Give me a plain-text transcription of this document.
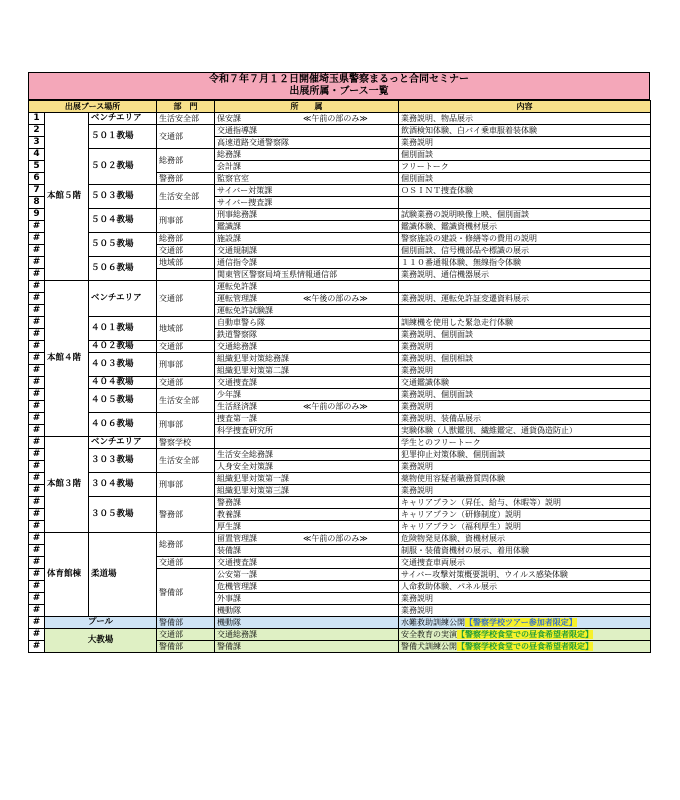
令和７年７月１２日開催埼玉県警察まるっと合同セミナー
出展所属・ブース一覧
出展ブース場所			部　門	所　　属	内容
1	本館５階	ベンチエリア	生活安全部	保安課 ≪午前の部のみ≫	業務説明、物品展示
2		５０１教場	交通部	交通指導課	飲酒検知体験、白バイ乗車服着装体験
3				高速道路交通警察隊	業務説明
4		５０２教場	総務部	総務課	個別面談
5				会計課	フリートーク
6			警務部	監察官室	個別面談
7		５０３教場	生活安全部	サイバー対策課	ＯＳＩＮＴ捜査体験
8				サイバー捜査課	
9		５０４教場	刑事部	刑事総務課	試験業務の説明映像上映、個別面談
#				鑑識課	鑑識体験、鑑識資機材展示
#		５０５教場	総務部	施設課	警察施設の建設・修繕等の費用の説明
#			交通部	交通規制課	個別面談、信号機部品や標識の展示
#		５０６教場	地域部	通信指令課	１１０番通報体験、無線指令体験
#				関東管区警察局埼玉県情報通信部	業務説明、通信機器展示
#	本館４階	ベンチエリア	交通部	運転免許課	
#				運転管理課 ≪午後の部のみ≫	業務説明、運転免許証変遷資料展示
#				運転免許試験課	
#		４０１教場	地域部	自動車警ら隊	訓練機を使用した緊急走行体験
#				鉄道警察隊	業務説明、個別面談
#		４０２教場	交通部	交通総務課	業務説明
#		４０３教場	刑事部	組織犯罪対策総務課	業務説明、個別相談
#				組織犯罪対策第二課	業務説明
#		４０４教場	交通部	交通捜査課	交通鑑識体験
#		４０５教場	生活安全部	少年課	業務説明、個別面談
#				生活経済課 ≪午前の部のみ≫	業務説明
#		４０６教場	刑事部	捜査第一課	業務説明、装備品展示
#				科学捜査研究所	実験体験（人獣鑑別、繊維鑑定、通貨偽造防止）
#	本館３階	ベンチエリア	警察学校		学生とのフリートーク
#		３０３教場	生活安全部	生活安全総務課	犯罪抑止対策体験、個別面談
#				人身安全対策課	業務説明
#		３０４教場	刑事部	組織犯罪対策第一課	薬物使用容疑者職務質問体験
#				組織犯罪対策第三課	業務説明
#		３０５教場	警務部	警務課	キャリアプラン（昇任、給与、休暇等）説明
#				教養課	キャリアプラン（研修制度）説明
#				厚生課	キャリアプラン（福利厚生）説明
#	体育館棟	柔道場	総務部	留置管理課 ≪午前の部のみ≫	危険物発見体験、資機材展示
#				装備課	制服・装備資機材の展示、着用体験
#			交通部	交通捜査課	交通捜査車両展示
#			警備部	公安第一課	サイバー攻撃対策概要説明、ウイルス感染体験
#				危機管理課	人命救助体験、パネル展示
#				外事課	業務説明
#				機動隊	業務説明
#	プール		警備部	機動隊	水難救助訓練公開【警察学校ツアー参加者限定】
#	大教場		交通部	交通総務課	安全教育の実演【警察学校食堂での昼食希望者限定】
#			警備部	警備課	警備犬訓練公開【警察学校食堂での昼食希望者限定】
